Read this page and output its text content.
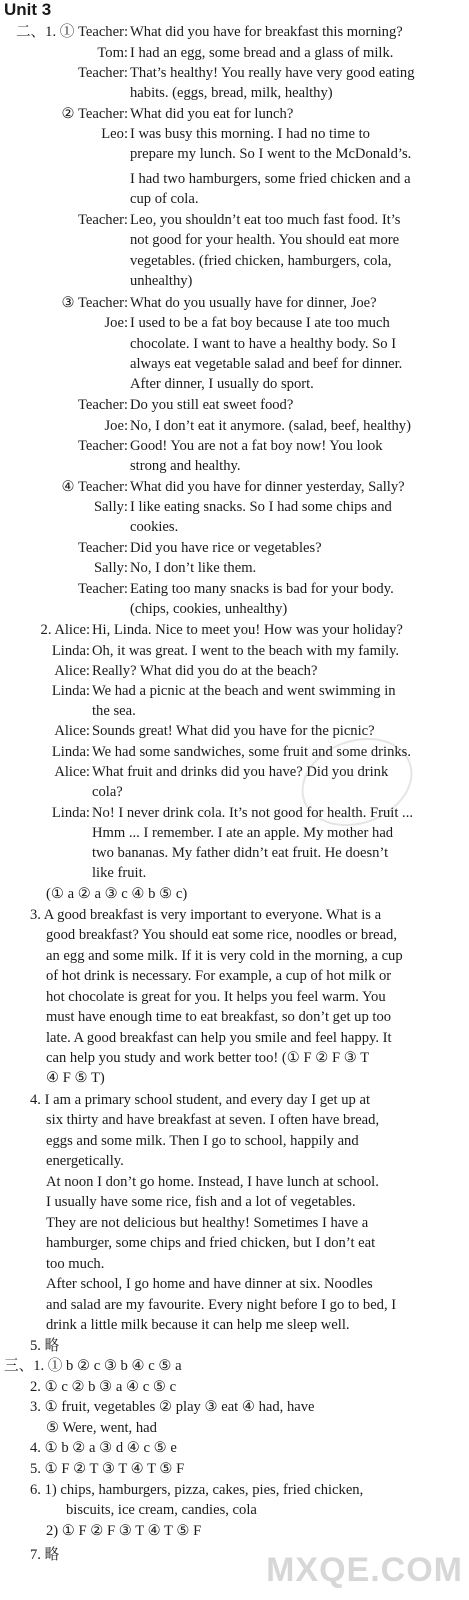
Unit 3
二、1. ① Teacher:
Tom:
Teacher:
② Teacher:
Leo:
Teacher:
③ Teacher:
Joe:
Teacher:
Joe:
Teacher:
④ Teacher:
Sally:
Teacher:
Sally:
Teacher:
2. Alice:
Linda:
Alice:
Linda:
Alice:
Linda:
Alice:
Linda:
What did you have for breakfast this morning?
I had an egg, some bread and a glass of milk.
That’s healthy! You really have very good eating
habits. (eggs, bread, milk, healthy)
What did you eat for lunch?
I was busy this morning. I had no time to
prepare my lunch. So I went to the McDonald’s.
I had two hamburgers, some fried chicken and a
cup of cola.
Leo, you shouldn’t eat too much fast food. It’s
not good for your health. You should eat more
vegetables. (fried chicken, hamburgers, cola,
unhealthy)
What do you usually have for dinner, Joe?
I used to be a fat boy because I ate too much
chocolate. I want to have a healthy body. So I
always eat vegetable salad and beef for dinner.
After dinner, I usually do sport.
Do you still eat sweet food?
No, I don’t eat it anymore. (salad, beef, healthy)
Good! You are not a fat boy now! You look
strong and healthy.
What did you have for dinner yesterday, Sally?
I like eating snacks. So I had some chips and
cookies.
Did you have rice or vegetables?
No, I don’t like them.
Eating too many snacks is bad for your body.
(chips, cookies, unhealthy)
Hi, Linda. Nice to meet you! How was your holiday?
Oh, it was great. I went to the beach with my family.
Really? What did you do at the beach?
We had a picnic at the beach and went swimming in
the sea.
Sounds great! What did you have for the picnic?
We had some sandwiches, some fruit and some drinks.
What fruit and drinks did you have? Did you drink
cola?
No! I never drink cola. It’s not good for health. Fruit ...
Hmm ... I remember. I ate an apple. My mother had
two bananas. My father didn’t eat fruit. He doesn’t
like fruit.
(① a ② a ③ c ④ b ⑤ c)
3. A good breakfast is very important to everyone. What is a
good breakfast? You should eat some rice, noodles or bread,
an egg and some milk. If it is very cold in the morning, a cup
of hot drink is necessary. For example, a cup of hot milk or
hot chocolate is great for you. It helps you feel warm. You
must have enough time to eat breakfast, so don’t get up too
late. A good breakfast can help you smile and feel happy. It
can help you study and work better too! (① F ② F ③ T
④ F ⑤ T)
4. I am a primary school student, and every day I get up at
six thirty and have breakfast at seven. I often have bread,
eggs and some milk. Then I go to school, happily and
energetically.
At noon I don’t go home. Instead, I have lunch at school.
I usually have some rice, fish and a lot of vegetables.
They are not delicious but healthy! Sometimes I have a
hamburger, some chips and fried chicken, but I don’t eat
too much.
After school, I go home and have dinner at six. Noodles
and salad are my favourite. Every night before I go to bed, I
drink a little milk because it can help me sleep well.
5. 略
三、1. ① b ② c ③ b ④ c ⑤ a
2. ① c ② b ③ a ④ c ⑤ c
3. ① fruit, vegetables ② play ③ eat ④ had, have
⑤ Were, went, had
4. ① b ② a ③ d ④ c ⑤ e
5. ① F ② T ③ T ④ T ⑤ F
6. 1) chips, hamburgers, pizza, cakes, pies, fried chicken,
biscuits, ice cream, candies, cola
2) ① F ② F ③ T ④ T ⑤ F
7. 略	MXQE.COM
